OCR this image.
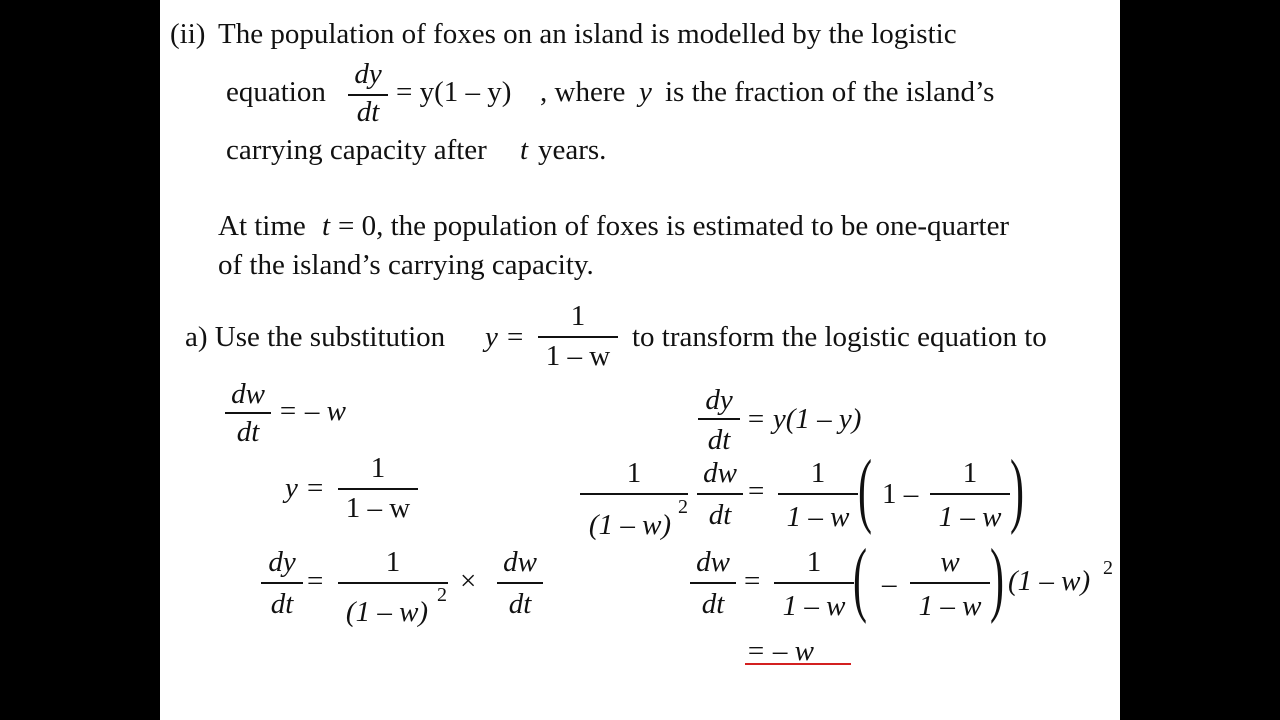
(ii) The population of foxes on an island is modelled by the logistic
equation
dy
dt
= y(1 – y) , where y is the fraction of the island’s
carrying capacity after t years.
At time t = 0, the population of foxes is estimated to be one-quarter
of the island’s carrying capacity.
a) Use the substitution y =
1
1 – w
to transform the logistic equation to
dw
dt
= – w
y =
1
1 – w
dy
dt
=
1
(1 – w)
2 ×
dw
dt
dy
dt
= y(1 – y)
1
(1 – w)
2
dw
dt
=
1
1 – w ( 1 –
1
1 – w )
dw
dt
=
1
1 – w ( –
w
1 – w ) (1 – w) 2
= – w
